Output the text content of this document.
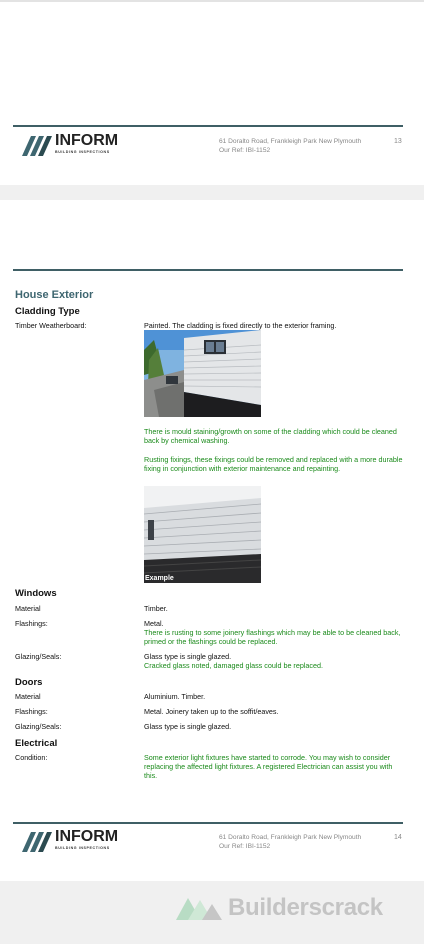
INFORM
BUILDING INSPECTIONS
61 Doralto Road, Frankleigh Park New Plymouth
Our Ref: IBI-1152
13
House Exterior
Cladding Type
Timber Weatherboard:	Painted. The cladding is fixed directly to the exterior framing.
There is mould staining/growth on some of the cladding which could be cleaned back by chemical washing.
Rusting fixings, these fixings could be removed and replaced with a more durable fixing in conjunction with exterior maintenance and repainting.
Example
Windows
Material	Timber.
Flashings:	Metal.
There is rusting to some joinery flashings which may be able to be cleaned back, primed or the flashings could be replaced.
Glazing/Seals:	Glass type is single glazed.
Cracked glass noted, damaged glass could be replaced.
Doors
Material	Aluminium. Timber.
Flashings:	Metal. Joinery taken up to the soffit/eaves.
Glazing/Seals:	Glass type is single glazed.
Electrical
Condition:	Some exterior light fixtures have started to corrode. You may wish to consider replacing the affected light fixtures. A registered Electrician can assist you with this.
INFORM
BUILDING INSPECTIONS
61 Doralto Road, Frankleigh Park New Plymouth
Our Ref: IBI-1152
14
Builderscrack
